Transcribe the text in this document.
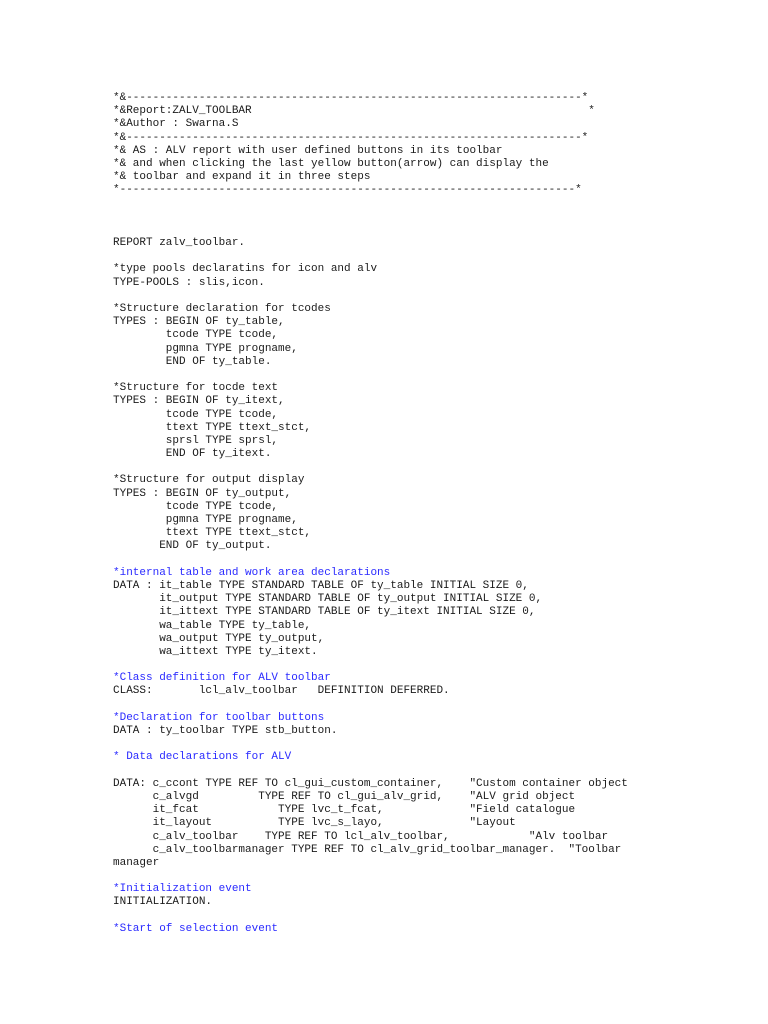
*&---------------------------------------------------------------------*
*&Report:ZALV_TOOLBAR                                                   *
*&Author : Swarna.S
*&---------------------------------------------------------------------*
*& AS : ALV report with user defined buttons in its toolbar
*& and when clicking the last yellow button(arrow) can display the
*& toolbar and expand it in three steps
*---------------------------------------------------------------------*
REPORT zalv_toolbar.
*type pools declaratins for icon and alv
TYPE-POOLS : slis,icon.
*Structure declaration for tcodes
TYPES : BEGIN OF ty_table,
tcode TYPE tcode,
pgmna TYPE progname,
END OF ty_table.
*Structure for tocde text
TYPES : BEGIN OF ty_itext,
tcode TYPE tcode,
ttext TYPE ttext_stct,
sprsl TYPE sprsl,
END OF ty_itext.
*Structure for output display
TYPES : BEGIN OF ty_output,
tcode TYPE tcode,
pgmna TYPE progname,
ttext TYPE ttext_stct,
END OF ty_output.
*internal table and work area declarations
DATA : it_table TYPE STANDARD TABLE OF ty_table INITIAL SIZE 0,
it_output TYPE STANDARD TABLE OF ty_output INITIAL SIZE 0,
it_ittext TYPE STANDARD TABLE OF ty_itext INITIAL SIZE 0,
wa_table TYPE ty_table,
wa_output TYPE ty_output,
wa_ittext TYPE ty_itext.
*Class definition for ALV toolbar
CLASS:       lcl_alv_toolbar   DEFINITION DEFERRED.
*Declaration for toolbar buttons
DATA : ty_toolbar TYPE stb_button.
* Data declarations for ALV
DATA: c_ccont TYPE REF TO cl_gui_custom_container,    "Custom container object
c_alvgd         TYPE REF TO cl_gui_alv_grid,    "ALV grid object
it_fcat            TYPE lvc_t_fcat,             "Field catalogue
it_layout          TYPE lvc_s_layo,             "Layout
c_alv_toolbar    TYPE REF TO lcl_alv_toolbar,            "Alv toolbar
c_alv_toolbarmanager TYPE REF TO cl_alv_grid_toolbar_manager.  "Toolbar
manager
*Initialization event
INITIALIZATION.
*Start of selection event
